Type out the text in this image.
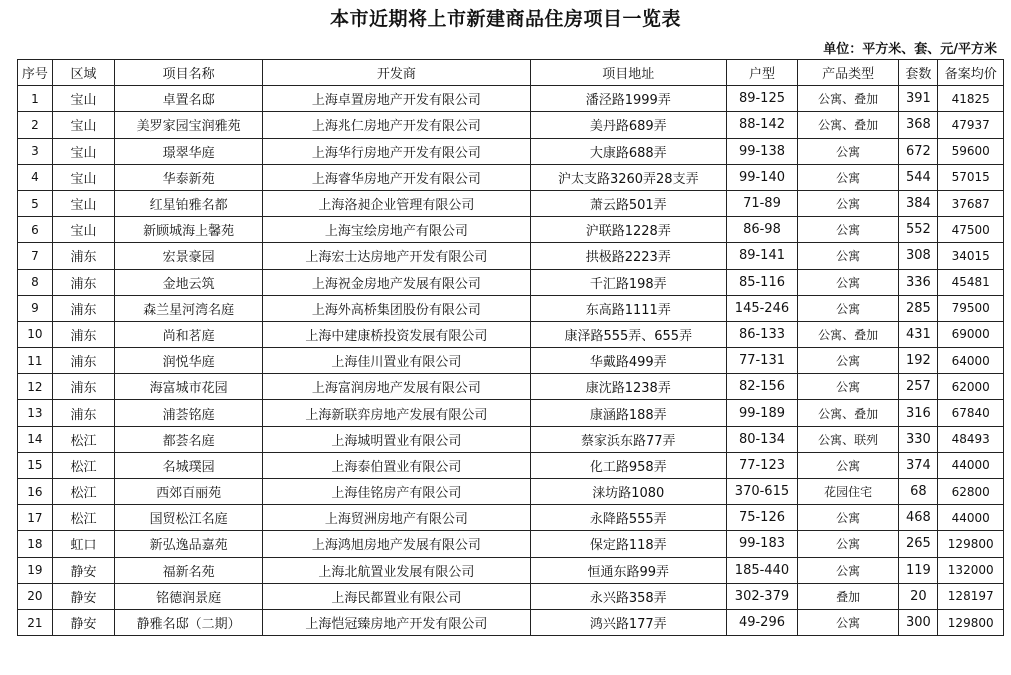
本市近期将上市新建商品住房项目一览表
单位：平方米、套、元/平方米
序号	区域	项目名称	开发商	项目地址	户型	产品类型	套数	备案均价
1	宝山	卓置名邸	上海卓置房地产开发有限公司	潘泾路1999弄	89-125	公寓、叠加	391	41825
2	宝山	美罗家园宝润雅苑	上海兆仁房地产开发有限公司	美丹路689弄	88-142	公寓、叠加	368	47937
3	宝山	璟翠华庭	上海华行房地产开发有限公司	大康路688弄	99-138	公寓	672	59600
4	宝山	华泰新苑	上海睿华房地产开发有限公司	沪太支路3260弄28支弄	99-140	公寓	544	57015
5	宝山	红星铂雅名都	上海洛昶企业管理有限公司	萧云路501弄	71-89	公寓	384	37687
6	宝山	新顾城海上馨苑	上海宝绘房地产有限公司	沪联路1228弄	86-98	公寓	552	47500
7	浦东	宏景豪园	上海宏士达房地产开发有限公司	拱极路2223弄	89-141	公寓	308	34015
8	浦东	金地云筑	上海祝金房地产发展有限公司	千汇路198弄	85-116	公寓	336	45481
9	浦东	森兰星河湾名庭	上海外高桥集团股份有限公司	东高路1111弄	145-246	公寓	285	79500
10	浦东	尚和茗庭	上海中建康桥投资发展有限公司	康泽路555弄、655弄	86-133	公寓、叠加	431	69000
11	浦东	润悦华庭	上海佳川置业有限公司	华戴路499弄	77-131	公寓	192	64000
12	浦东	海富城市花园	上海富润房地产发展有限公司	康沈路1238弄	82-156	公寓	257	62000
13	浦东	浦荟铭庭	上海新联弈房地产发展有限公司	康涵路188弄	99-189	公寓、叠加	316	67840
14	松江	都荟名庭	上海城明置业有限公司	蔡家浜东路77弄	80-134	公寓、联列	330	48493
15	松江	名城璞园	上海泰伯置业有限公司	化工路958弄	77-123	公寓	374	44000
16	松江	西郊百丽苑	上海佳铭房产有限公司	涞坊路1080	370-615	花园住宅	68	62800
17	松江	国贸松江名庭	上海贸洲房地产有限公司	永降路555弄	75-126	公寓	468	44000
18	虹口	新弘逸品嘉苑	上海鸿旭房地产发展有限公司	保定路118弄	99-183	公寓	265	129800
19	静安	福新名苑	上海北航置业发展有限公司	恒通东路99弄	185-440	公寓	119	132000
20	静安	铭德润景庭	上海民都置业有限公司	永兴路358弄	302-379	叠加	20	128197
21	静安	静雅名邸（二期）	上海恺冠臻房地产开发有限公司	鸿兴路177弄	49-296	公寓	300	129800
